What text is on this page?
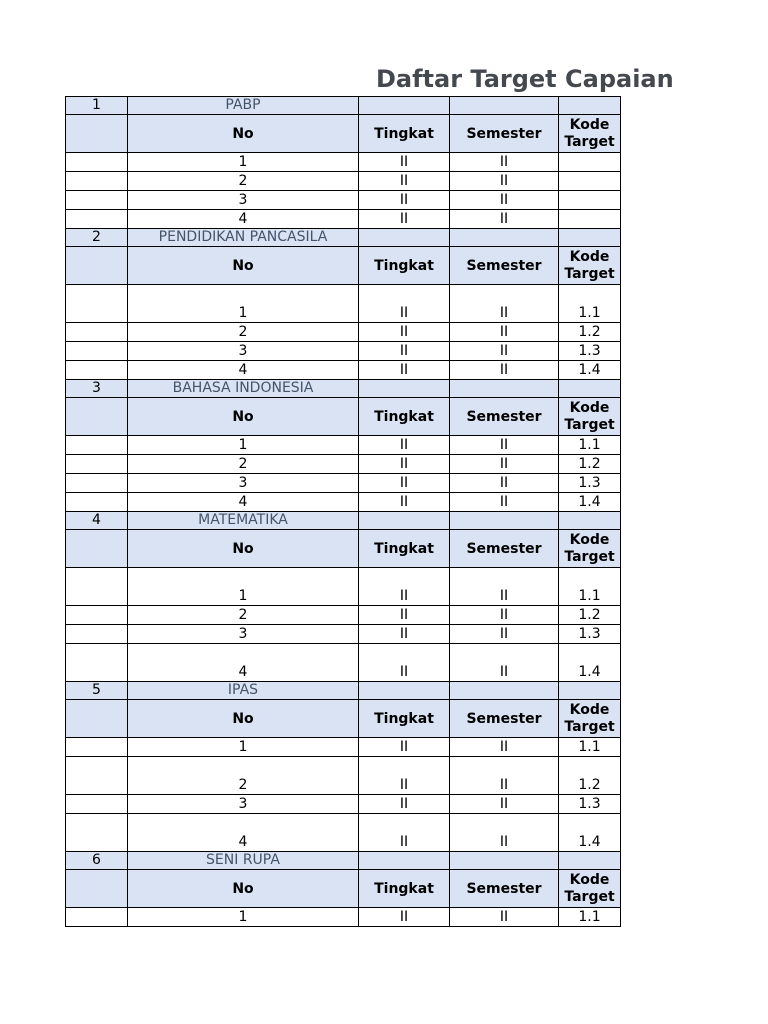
Daftar Target Capaian
1	PABP			
	No	Tingkat	Semester	Kode Target
	1	II	II	
	2	II	II	
	3	II	II	
	4	II	II	
2	PENDIDIKAN PANCASILA			
	No	Tingkat	Semester	Kode Target
	1	II	II	1.1
	2	II	II	1.2
	3	II	II	1.3
	4	II	II	1.4
3	BAHASA INDONESIA			
	No	Tingkat	Semester	Kode Target
	1	II	II	1.1
	2	II	II	1.2
	3	II	II	1.3
	4	II	II	1.4
4	MATEMATIKA			
	No	Tingkat	Semester	Kode Target
	1	II	II	1.1
	2	II	II	1.2
	3	II	II	1.3
	4	II	II	1.4
5	IPAS			
	No	Tingkat	Semester	Kode Target
	1	II	II	1.1
	2	II	II	1.2
	3	II	II	1.3
	4	II	II	1.4
6	SENI RUPA			
	No	Tingkat	Semester	Kode Target
	1	II	II	1.1
